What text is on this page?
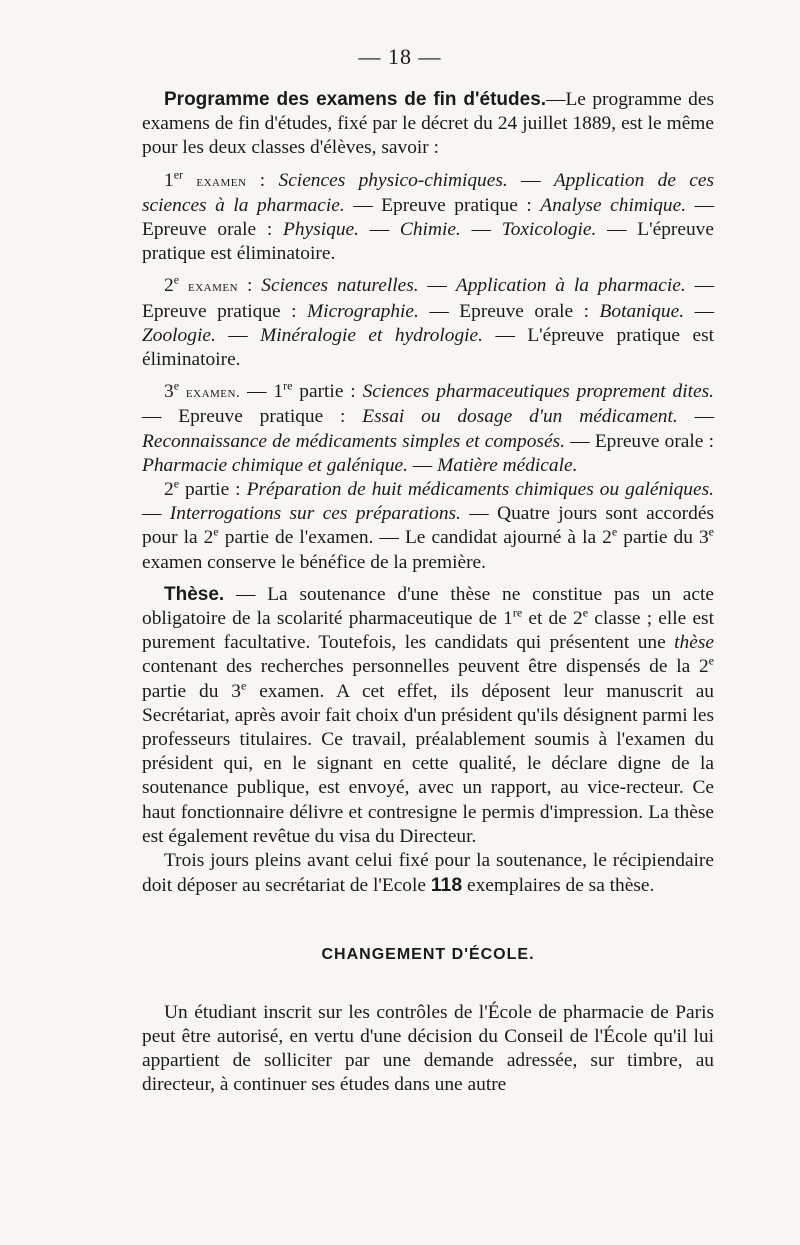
— 18 —

Programme des examens de fin d'études.—Le programme des examens de fin d'études, fixé par le décret du 24 juillet 1889, est le même pour les deux classes d'élèves, savoir :

1er examen : Sciences physico-chimiques. — Application de ces sciences à la pharmacie. — Epreuve pratique : Analyse chimique. — Epreuve orale : Physique. — Chimie. — Toxicologie. — L'épreuve pratique est éliminatoire.

2e examen : Sciences naturelles. — Application à la pharmacie. — Epreuve pratique : Micrographie. — Epreuve orale : Botanique. — Zoologie. — Minéralogie et hydrologie. — L'épreuve pratique est éliminatoire.

3e examen. — 1re partie : Sciences pharmaceutiques proprement dites. — Epreuve pratique : Essai ou dosage d'un médicament. — Reconnaissance de médicaments simples et composés. — Epreuve orale : Pharmacie chimique et galénique. — Matière médicale.

2e partie : Préparation de huit médicaments chimiques ou galéniques. — Interrogations sur ces préparations. — Quatre jours sont accordés pour la 2e partie de l'examen. — Le candidat ajourné à la 2e partie du 3e examen conserve le bénéfice de la première.

Thèse. — La soutenance d'une thèse ne constitue pas un acte obligatoire de la scolarité pharmaceutique de 1re et de 2e classe ; elle est purement facultative. Toutefois, les candidats qui présentent une thèse contenant des recherches personnelles peuvent être dispensés de la 2e partie du 3e examen. A cet effet, ils déposent leur manuscrit au Secrétariat, après avoir fait choix d'un président qu'ils désignent parmi les professeurs titulaires. Ce travail, préalablement soumis à l'examen du président qui, en le signant en cette qualité, le déclare digne de la soutenance publique, est envoyé, avec un rapport, au vice-recteur. Ce haut fonctionnaire délivre et contresigne le permis d'impression. La thèse est également revêtue du visa du Directeur.

Trois jours pleins avant celui fixé pour la soutenance, le récipiendaire doit déposer au secrétariat de l'Ecole 118 exemplaires de sa thèse.

CHANGEMENT D'ÉCOLE.

Un étudiant inscrit sur les contrôles de l'École de pharmacie de Paris peut être autorisé, en vertu d'une décision du Conseil de l'École qu'il lui appartient de solliciter par une demande adressée, sur timbre, au directeur, à continuer ses études dans une autre
